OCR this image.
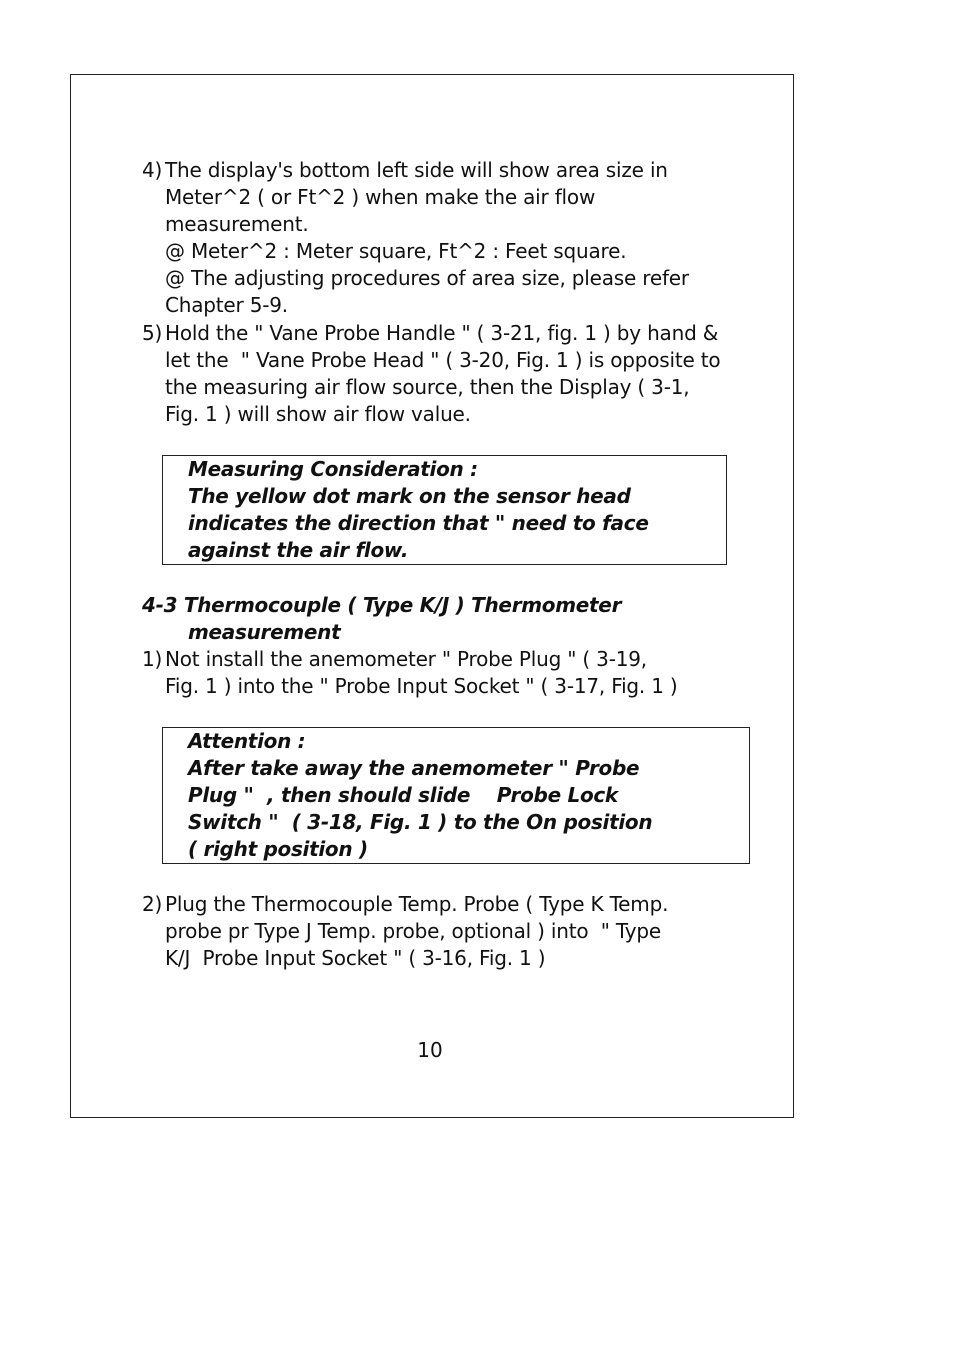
4) The display's bottom left side will show area size in
Meter^2 ( or Ft^2 ) when make the air flow
measurement.
@ Meter^2 : Meter square, Ft^2 : Feet square.
@ The adjusting procedures of area size, please refer
Chapter 5-9.
5) Hold the " Vane Probe Handle " ( 3-21, fig. 1 ) by hand &
let the  " Vane Probe Head " ( 3-20, Fig. 1 ) is opposite to
the measuring air flow source, then the Display ( 3-1,
Fig. 1 ) will show air flow value.
Measuring Consideration :
The yellow dot mark on the sensor head
indicates the direction that " need to face
against the air flow.
4-3 Thermocouple ( Type K/J ) Thermometer
measurement
1) Not install the anemometer " Probe Plug " ( 3-19,
Fig. 1 ) into the " Probe Input Socket " ( 3-17, Fig. 1 )
Attention :
After take away the anemometer " Probe
Plug "  , then should slide    Probe Lock
Switch "  ( 3-18, Fig. 1 ) to the On position
( right position )
2) Plug the Thermocouple Temp. Probe ( Type K Temp.
probe pr Type J Temp. probe, optional ) into  " Type
K/J  Probe Input Socket " ( 3-16, Fig. 1 )
10
